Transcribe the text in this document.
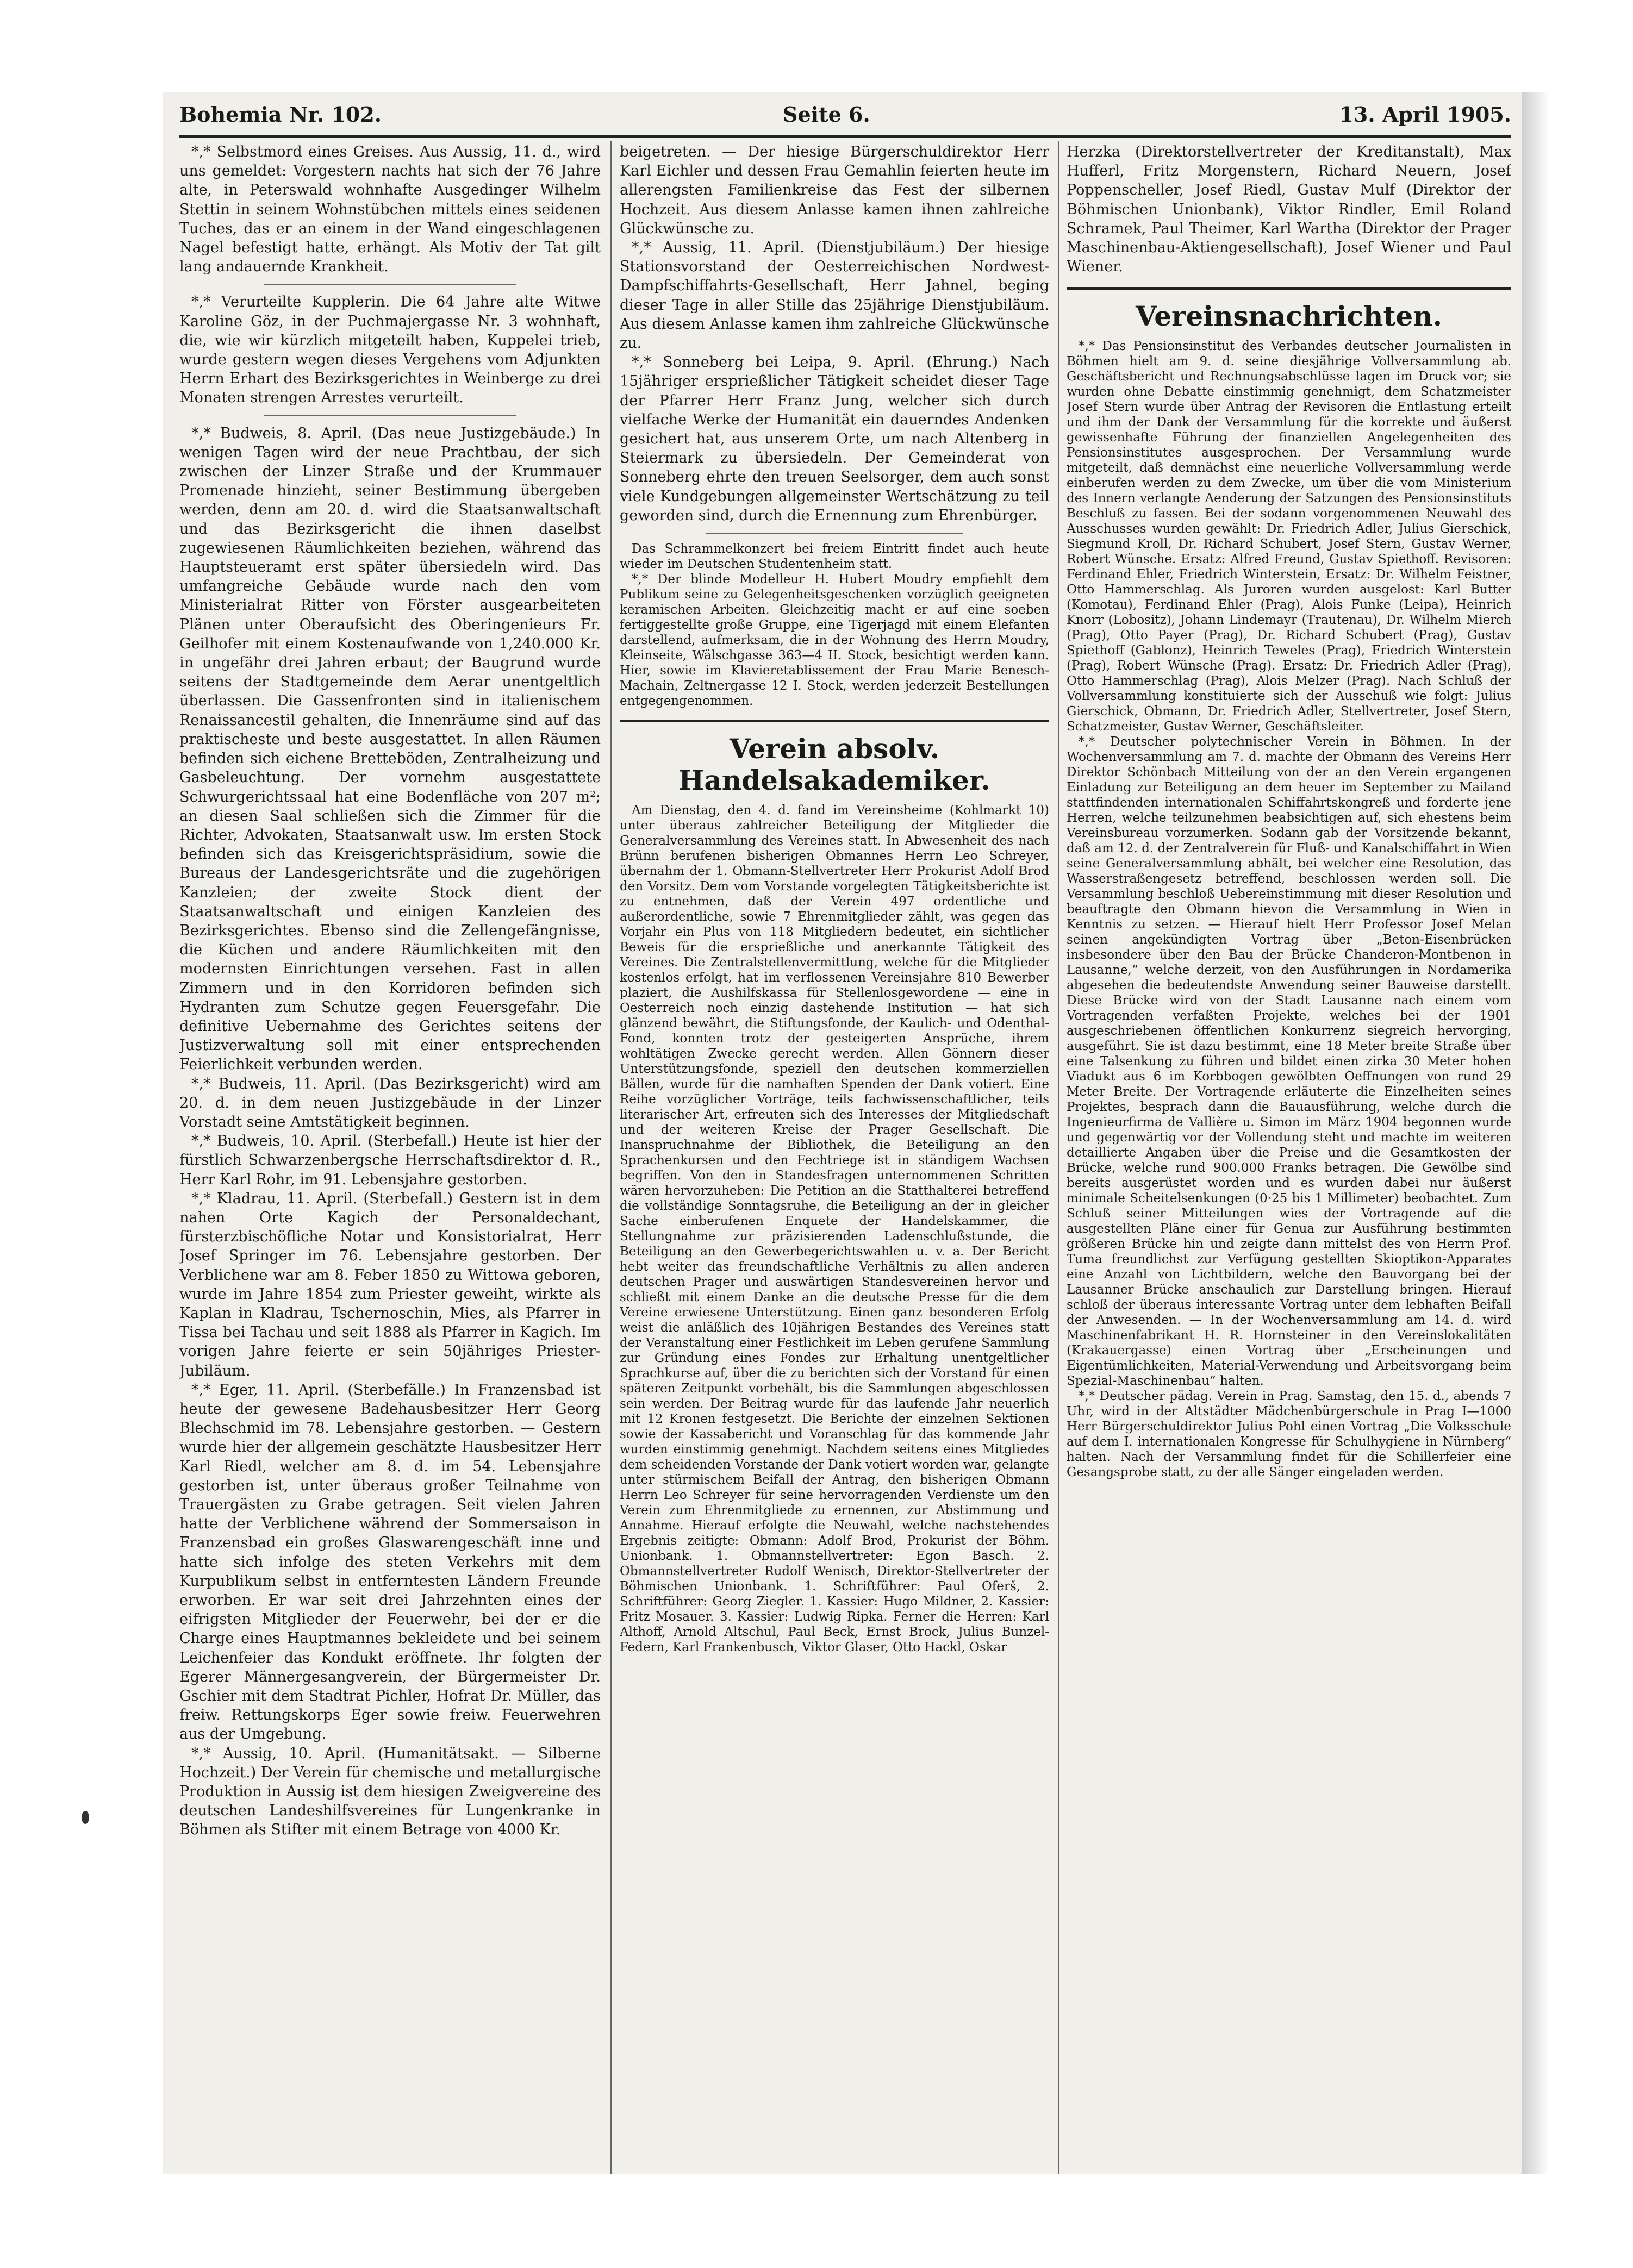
Bohemia Nr. 102.	Seite 6.	13. April 1905.

*,* Selbstmord eines Greises. Aus Aussig, 11. d., wird uns gemeldet: Vorgestern nachts hat sich der 76 Jahre alte, in Peterswald wohnhafte Ausgedinger Wilhelm Stettin in seinem Wohnstübchen mittels eines seidenen Tuches, das er an einem in der Wand eingeschlagenen Nagel befestigt hatte, erhängt. Als Motiv der Tat gilt lang andauernde Krankheit.

*,* Verurteilte Kupplerin. Die 64 Jahre alte Witwe Karoline Göz, in der Puchmajergasse Nr. 3 wohnhaft, die, wie wir kürzlich mitgeteilt haben, Kuppelei trieb, wurde gestern wegen dieses Vergehens vom Adjunkten Herrn Erhart des Bezirksgerichtes in Weinberge zu drei Monaten strengen Arrestes verurteilt.

*,* Budweis, 8. April. (Das neue Justizgebäude.) In wenigen Tagen wird der neue Prachtbau, der sich zwischen der Linzer Straße und der Krummauer Promenade hinzieht, seiner Bestimmung übergeben werden, denn am 20. d. wird die Staatsanwaltschaft und das Bezirksgericht die ihnen daselbst zugewiesenen Räumlichkeiten beziehen, während das Hauptsteueramt erst später übersiedeln wird. Das umfangreiche Gebäude wurde nach den vom Ministerialrat Ritter von Förster ausgearbeiteten Plänen unter Oberaufsicht des Oberingenieurs Fr. Geilhofer mit einem Kostenaufwande von 1,240.000 Kr. in ungefähr drei Jahren erbaut; der Baugrund wurde seitens der Stadtgemeinde dem Aerar unentgeltlich überlassen. Die Gassenfronten sind in italienischem Renaissancestil gehalten, die Innenräume sind auf das praktischeste und beste ausgestattet. In allen Räumen befinden sich eichene Bretteböden, Zentralheizung und Gasbeleuchtung. Der vornehm ausgestattete Schwurgerichtssaal hat eine Bodenfläche von 207 m²; an diesen Saal schließen sich die Zimmer für die Richter, Advokaten, Staatsanwalt usw. Im ersten Stock befinden sich das Kreisgerichtspräsidium, sowie die Bureaus der Landesgerichtsräte und die zugehörigen Kanzleien; der zweite Stock dient der Staatsanwaltschaft und einigen Kanzleien des Bezirksgerichtes. Ebenso sind die Zellengefängnisse, die Küchen und andere Räumlichkeiten mit den modernsten Einrichtungen versehen. Fast in allen Zimmern und in den Korridoren befinden sich Hydranten zum Schutze gegen Feuersgefahr. Die definitive Uebernahme des Gerichtes seitens der Justizverwaltung soll mit einer entsprechenden Feierlichkeit verbunden werden.

*,* Budweis, 11. April. (Das Bezirksgericht) wird am 20. d. in dem neuen Justizgebäude in der Linzer Vorstadt seine Amtstätigkeit beginnen.

*,* Budweis, 10. April. (Sterbefall.) Heute ist hier der fürstlich Schwarzenbergsche Herrschaftsdirektor d. R., Herr Karl Rohr, im 91. Lebensjahre gestorben.

*,* Kladrau, 11. April. (Sterbefall.) Gestern ist in dem nahen Orte Kagich der Personaldechant, fürsterzbischöfliche Notar und Konsistorialrat, Herr Josef Springer im 76. Lebensjahre gestorben. Der Verblichene war am 8. Feber 1850 zu Wittowa geboren, wurde im Jahre 1854 zum Priester geweiht, wirkte als Kaplan in Kladrau, Tschernoschin, Mies, als Pfarrer in Tissa bei Tachau und seit 1888 als Pfarrer in Kagich. Im vorigen Jahre feierte er sein 50jähriges Priester-Jubiläum.

*,* Eger, 11. April. (Sterbefälle.) In Franzensbad ist heute der gewesene Badehausbesitzer Herr Georg Blechschmid im 78. Lebensjahre gestorben. — Gestern wurde hier der allgemein geschätzte Hausbesitzer Herr Karl Riedl, welcher am 8. d. im 54. Lebensjahre gestorben ist, unter überaus großer Teilnahme von Trauergästen zu Grabe getragen. Seit vielen Jahren hatte der Verblichene während der Sommersaison in Franzensbad ein großes Glaswarengeschäft inne und hatte sich infolge des steten Verkehrs mit dem Kurpublikum selbst in entferntesten Ländern Freunde erworben. Er war seit drei Jahrzehnten eines der eifrigsten Mitglieder der Feuerwehr, bei der er die Charge eines Hauptmannes bekleidete und bei seinem Leichenfeier das Kondukt eröffnete. Ihr folgten der Egerer Männergesangverein, der Bürgermeister Dr. Gschier mit dem Stadtrat Pichler, Hofrat Dr. Müller, das freiw. Rettungskorps Eger sowie freiw. Feuerwehren aus der Umgebung.

*,* Aussig, 10. April. (Humanitätsakt. — Silberne Hochzeit.) Der Verein für chemische und metallurgische Produktion in Aussig ist dem hiesigen Zweigvereine des deutschen Landeshilfsvereines für Lungenkranke in Böhmen als Stifter mit einem Betrage von 4000 Kr.

beigetreten. — Der hiesige Bürgerschuldirektor Herr Karl Eichler und dessen Frau Gemahlin feierten heute im allerengsten Familienkreise das Fest der silbernen Hochzeit. Aus diesem Anlasse kamen ihnen zahlreiche Glückwünsche zu.

*,* Aussig, 11. April. (Dienstjubiläum.) Der hiesige Stationsvorstand der Oesterreichischen Nordwest-Dampfschiffahrts-Gesellschaft, Herr Jahnel, beging dieser Tage in aller Stille das 25jährige Dienstjubiläum. Aus diesem Anlasse kamen ihm zahlreiche Glückwünsche zu.

*,* Sonneberg bei Leipa, 9. April. (Ehrung.) Nach 15jähriger ersprießlicher Tätigkeit scheidet dieser Tage der Pfarrer Herr Franz Jung, welcher sich durch vielfache Werke der Humanität ein dauerndes Andenken gesichert hat, aus unserem Orte, um nach Altenberg in Steiermark zu übersiedeln. Der Gemeinderat von Sonneberg ehrte den treuen Seelsorger, dem auch sonst viele Kundgebungen allgemeinster Wertschätzung zu teil geworden sind, durch die Ernennung zum Ehrenbürger.

Das Schrammelkonzert bei freiem Eintritt findet auch heute wieder im Deutschen Studentenheim statt.

*,* Der blinde Modelleur H. Hubert Moudry empfiehlt dem Publikum seine zu Gelegenheitsgeschenken vorzüglich geeigneten keramischen Arbeiten. Gleichzeitig macht er auf eine soeben fertiggestellte große Gruppe, eine Tigerjagd mit einem Elefanten darstellend, aufmerksam, die in der Wohnung des Herrn Moudry, Kleinseite, Wälschgasse 363—4 II. Stock, besichtigt werden kann. Hier, sowie im Klavieretablissement der Frau Marie Benesch-Machain, Zeltnergasse 12 I. Stock, werden jederzeit Bestellungen entgegengenommen.

Verein absolv. Handelsakademiker.

Am Dienstag, den 4. d. fand im Vereinsheime (Kohlmarkt 10) unter überaus zahlreicher Beteiligung der Mitglieder die Generalversammlung des Vereines statt. In Abwesenheit des nach Brünn berufenen bisherigen Obmannes Herrn Leo Schreyer, übernahm der 1. Obmann-Stellvertreter Herr Prokurist Adolf Brod den Vorsitz. Dem vom Vorstande vorgelegten Tätigkeitsberichte ist zu entnehmen, daß der Verein 497 ordentliche und außerordentliche, sowie 7 Ehrenmitglieder zählt, was gegen das Vorjahr ein Plus von 118 Mitgliedern bedeutet, ein sichtlicher Beweis für die ersprießliche und anerkannte Tätigkeit des Vereines. Die Zentralstellenvermittlung, welche für die Mitglieder kostenlos erfolgt, hat im verflossenen Vereinsjahre 810 Bewerber plaziert, die Aushilfskassa für Stellenlosgewordene — eine in Oesterreich noch einzig dastehende Institution — hat sich glänzend bewährt, die Stiftungsfonde, der Kaulich- und Odenthal-Fond, konnten trotz der gesteigerten Ansprüche, ihrem wohltätigen Zwecke gerecht werden. Allen Gönnern dieser Unterstützungsfonde, speziell den deutschen kommerziellen Bällen, wurde für die namhaften Spenden der Dank votiert. Eine Reihe vorzüglicher Vorträge, teils fachwissenschaftlicher, teils literarischer Art, erfreuten sich des Interesses der Mitgliedschaft und der weiteren Kreise der Prager Gesellschaft. Die Inanspruchnahme der Bibliothek, die Beteiligung an den Sprachenkursen und den Fechtriege ist in ständigem Wachsen begriffen. Von den in Standesfragen unternommenen Schritten wären hervorzuheben: Die Petition an die Statthalterei betreffend die vollständige Sonntagsruhe, die Beteiligung an der in gleicher Sache einberufenen Enquete der Handelskammer, die Stellungnahme zur präzisierenden Ladenschlußstunde, die Beteiligung an den Gewerbegerichtswahlen u. v. a. Der Bericht hebt weiter das freundschaftliche Verhältnis zu allen anderen deutschen Prager und auswärtigen Standesvereinen hervor und schließt mit einem Danke an die deutsche Presse für die dem Vereine erwiesene Unterstützung. Einen ganz besonderen Erfolg weist die anläßlich des 10jährigen Bestandes des Vereines statt der Veranstaltung einer Festlichkeit im Leben gerufene Sammlung zur Gründung eines Fondes zur Erhaltung unentgeltlicher Sprachkurse auf, über die zu berichten sich der Vorstand für einen späteren Zeitpunkt vorbehält, bis die Sammlungen abgeschlossen sein werden. Der Beitrag wurde für das laufende Jahr neuerlich mit 12 Kronen festgesetzt. Die Berichte der einzelnen Sektionen sowie der Kassabericht und Voranschlag für das kommende Jahr wurden einstimmig genehmigt. Nachdem seitens eines Mitgliedes dem scheidenden Vorstande der Dank votiert worden war, gelangte unter stürmischem Beifall der Antrag, den bisherigen Obmann Herrn Leo Schreyer für seine hervorragenden Verdienste um den Verein zum Ehrenmitgliede zu ernennen, zur Abstimmung und Annahme. Hierauf erfolgte die Neuwahl, welche nachstehendes Ergebnis zeitigte: Obmann: Adolf Brod, Prokurist der Böhm. Unionbank. 1. Obmannstellvertreter: Egon Basch. 2. Obmannstellvertreter Rudolf Wenisch, Direktor-Stellvertreter der Böhmischen Unionbank. 1. Schriftführer: Paul Oferš, 2. Schriftführer: Georg Ziegler. 1. Kassier: Hugo Mildner, 2. Kassier: Fritz Mosauer. 3. Kassier: Ludwig Ripka. Ferner die Herren: Karl Althoff, Arnold Altschul, Paul Beck, Ernst Brock, Julius Bunzel-Federn, Karl Frankenbusch, Viktor Glaser, Otto Hackl, Oskar

Herzka (Direktorstellvertreter der Kreditanstalt), Max Hufferl, Fritz Morgenstern, Richard Neuern, Josef Poppenscheller, Josef Riedl, Gustav Mulf (Direktor der Böhmischen Unionbank), Viktor Rindler, Emil Roland Schramek, Paul Theimer, Karl Wartha (Direktor der Prager Maschinenbau-Aktiengesellschaft), Josef Wiener und Paul Wiener.

Vereinsnachrichten.

*,* Das Pensionsinstitut des Verbandes deutscher Journalisten in Böhmen hielt am 9. d. seine diesjährige Vollversammlung ab. Geschäftsbericht und Rechnungsabschlüsse lagen im Druck vor; sie wurden ohne Debatte einstimmig genehmigt, dem Schatzmeister Josef Stern wurde über Antrag der Revisoren die Entlastung erteilt und ihm der Dank der Versammlung für die korrekte und äußerst gewissenhafte Führung der finanziellen Angelegenheiten des Pensionsinstitutes ausgesprochen. Der Versammlung wurde mitgeteilt, daß demnächst eine neuerliche Vollversammlung werde einberufen werden zu dem Zwecke, um über die vom Ministerium des Innern verlangte Aenderung der Satzungen des Pensionsinstituts Beschluß zu fassen. Bei der sodann vorgenommenen Neuwahl des Ausschusses wurden gewählt: Dr. Friedrich Adler, Julius Gierschick, Siegmund Kroll, Dr. Richard Schubert, Josef Stern, Gustav Werner, Robert Wünsche. Ersatz: Alfred Freund, Gustav Spiethoff. Revisoren: Ferdinand Ehler, Friedrich Winterstein, Ersatz: Dr. Wilhelm Feistner, Otto Hammerschlag. Als Juroren wurden ausgelost: Karl Butter (Komotau), Ferdinand Ehler (Prag), Alois Funke (Leipa), Heinrich Knorr (Lobositz), Johann Lindemayr (Trautenau), Dr. Wilhelm Mierch (Prag), Otto Payer (Prag), Dr. Richard Schubert (Prag), Gustav Spiethoff (Gablonz), Heinrich Teweles (Prag), Friedrich Winterstein (Prag), Robert Wünsche (Prag). Ersatz: Dr. Friedrich Adler (Prag), Otto Hammerschlag (Prag), Alois Melzer (Prag). Nach Schluß der Vollversammlung konstituierte sich der Ausschuß wie folgt: Julius Gierschick, Obmann, Dr. Friedrich Adler, Stellvertreter, Josef Stern, Schatzmeister, Gustav Werner, Geschäftsleiter.

*,* Deutscher polytechnischer Verein in Böhmen. In der Wochenversammlung am 7. d. machte der Obmann des Vereins Herr Direktor Schönbach Mitteilung von der an den Verein ergangenen Einladung zur Beteiligung an dem heuer im September zu Mailand stattfindenden internationalen Schiffahrtskongreß und forderte jene Herren, welche teilzunehmen beabsichtigen auf, sich ehestens beim Vereinsbureau vorzumerken. Sodann gab der Vorsitzende bekannt, daß am 12. d. der Zentralverein für Fluß- und Kanalschiffahrt in Wien seine Generalversammlung abhält, bei welcher eine Resolution, das Wasserstraßengesetz betreffend, beschlossen werden soll. Die Versammlung beschloß Uebereinstimmung mit dieser Resolution und beauftragte den Obmann hievon die Versammlung in Wien in Kenntnis zu setzen. — Hierauf hielt Herr Professor Josef Melan seinen angekündigten Vortrag über „Beton-Eisenbrücken insbesondere über den Bau der Brücke Chanderon-Montbenon in Lausanne,“ welche derzeit, von den Ausführungen in Nordamerika abgesehen die bedeutendste Anwendung seiner Bauweise darstellt. Diese Brücke wird von der Stadt Lausanne nach einem vom Vortragenden verfaßten Projekte, welches bei der 1901 ausgeschriebenen öffentlichen Konkurrenz siegreich hervorging, ausgeführt. Sie ist dazu bestimmt, eine 18 Meter breite Straße über eine Talsenkung zu führen und bildet einen zirka 30 Meter hohen Viadukt aus 6 im Korbbogen gewölbten Oeffnungen von rund 29 Meter Breite. Der Vortragende erläuterte die Einzelheiten seines Projektes, besprach dann die Bauausführung, welche durch die Ingenieurfirma de Vallière u. Simon im März 1904 begonnen wurde und gegenwärtig vor der Vollendung steht und machte im weiteren detaillierte Angaben über die Preise und die Gesamtkosten der Brücke, welche rund 900.000 Franks betragen. Die Gewölbe sind bereits ausgerüstet worden und es wurden dabei nur äußerst minimale Scheitelsenkungen (0·25 bis 1 Millimeter) beobachtet. Zum Schluß seiner Mitteilungen wies der Vortragende auf die ausgestellten Pläne einer für Genua zur Ausführung bestimmten größeren Brücke hin und zeigte dann mittelst des von Herrn Prof. Tuma freundlichst zur Verfügung gestellten Skioptikon-Apparates eine Anzahl von Lichtbildern, welche den Bauvorgang bei der Lausanner Brücke anschaulich zur Darstellung bringen. Hierauf schloß der überaus interessante Vortrag unter dem lebhaften Beifall der Anwesenden. — In der Wochenversammlung am 14. d. wird Maschinenfabrikant H. R. Hornsteiner in den Vereinslokalitäten (Krakauergasse) einen Vortrag über „Erscheinungen und Eigentümlichkeiten, Material-Verwendung und Arbeitsvorgang beim Spezial-Maschinenbau“ halten.

*,* Deutscher pädag. Verein in Prag. Samstag, den 15. d., abends 7 Uhr, wird in der Altstädter Mädchenbürgerschule in Prag I—1000 Herr Bürgerschuldirektor Julius Pohl einen Vortrag „Die Volksschule auf dem I. internationalen Kongresse für Schulhygiene in Nürnberg“ halten. Nach der Versammlung findet für die Schillerfeier eine Gesangsprobe statt, zu der alle Sänger eingeladen werden.
